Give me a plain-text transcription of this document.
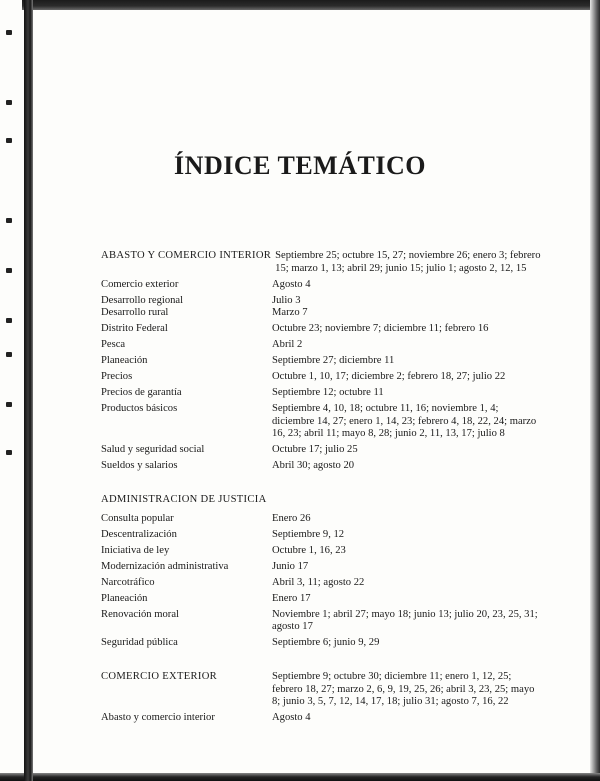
ÍNDICE TEMÁTICO
ABASTO Y COMERCIO INTERIOR Septiembre 25; octubre 15, 27; noviembre 26; enero 3; febrero 15; marzo 1, 13; abril 29; junio 15; julio 1; agosto 2, 12, 15
Comercio exterior	Agosto 4
Desarrollo regional	Julio 3
Desarrollo rural	Marzo 7
Distrito Federal	Octubre 23; noviembre 7; diciembre 11; febrero 16
Pesca	Abril 2
Planeación	Septiembre 27; diciembre 11
Precios	Octubre 1, 10, 17; diciembre 2; febrero 18, 27; julio 22
Precios de garantía	Septiembre 12; octubre 11
Productos básicos	Septiembre 4, 10, 18; octubre 11, 16; noviembre 1, 4; diciembre 14, 27; enero 1, 14, 23; febrero 4, 18, 22, 24; marzo 16, 23; abril 11; mayo 8, 28; junio 2, 11, 13, 17; julio 8
Salud y seguridad social	Octubre 17; julio 25
Sueldos y salarios	Abril 30; agosto 20
ADMINISTRACION DE JUSTICIA
Consulta popular	Enero 26
Descentralización	Septiembre 9, 12
Iniciativa de ley	Octubre 1, 16, 23
Modernización administrativa	Junio 17
Narcotráfico	Abril 3, 11; agosto 22
Planeación	Enero 17
Renovación moral	Noviembre 1; abril 27; mayo 18; junio 13; julio 20, 23, 25, 31; agosto 17
Seguridad pública	Septiembre 6; junio 9, 29
COMERCIO EXTERIOR	Septiembre 9; octubre 30; diciembre 11; enero 1, 12, 25; febrero 18, 27; marzo 2, 6, 9, 19, 25, 26; abril 3, 23, 25; mayo 8; junio 3, 5, 7, 12, 14, 17, 18; julio 31; agosto 7, 16, 22
Abasto y comercio interior	Agosto 4
